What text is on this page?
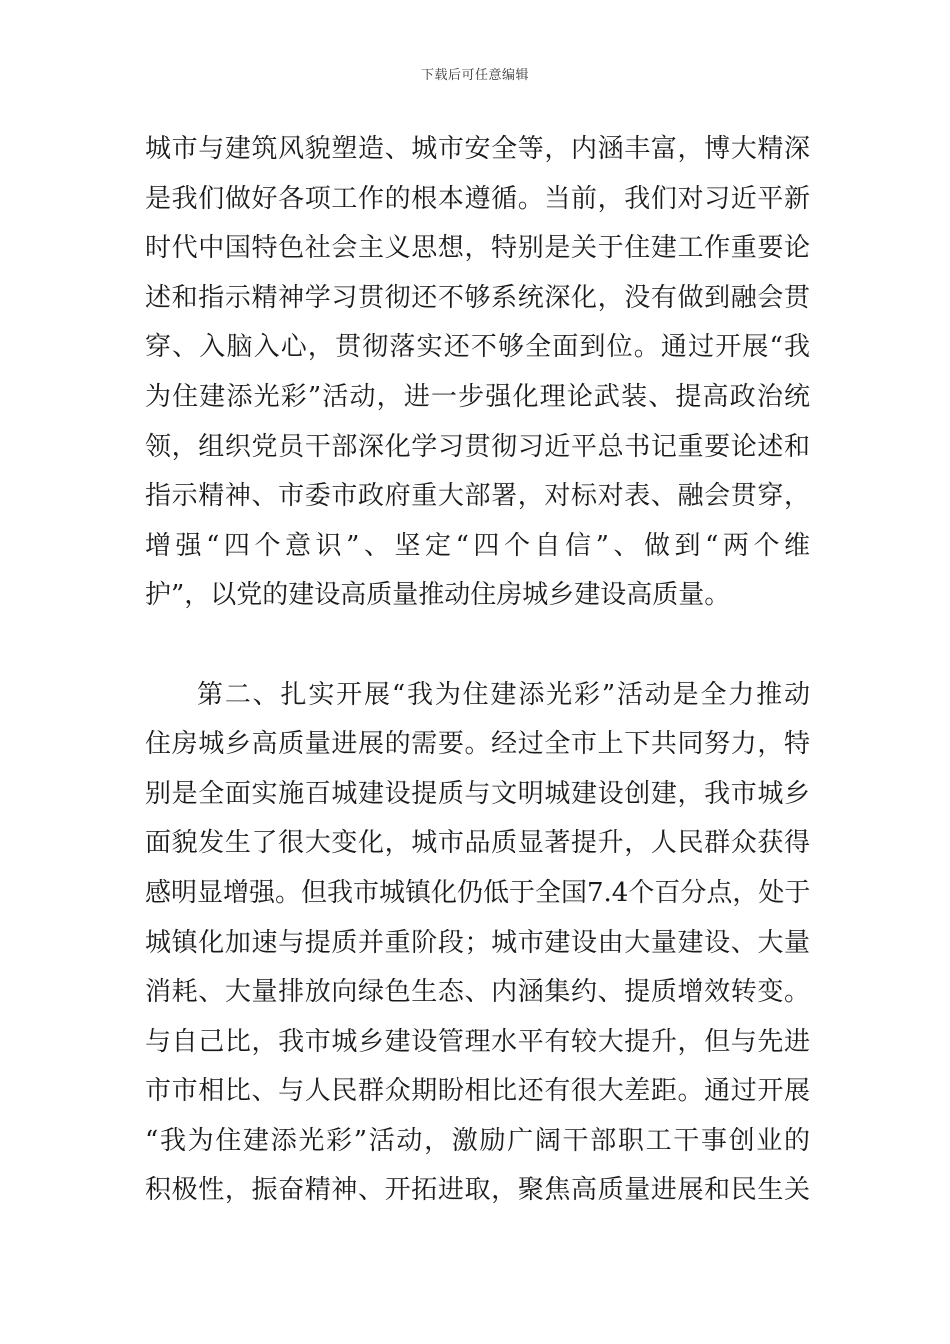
下载后可任意编辑
城市与建筑风貌塑造、城市安全等，内涵丰富，博大精深
是我们做好各项工作的根本遵循。当前，我们对习近平新
时代中国特色社会主义思想，特别是关于住建工作重要论
述和指示精神学习贯彻还不够系统深化，没有做到融会贯
穿、入脑入心，贯彻落实还不够全面到位。通过开展“我
为住建添光彩”活动，进一步强化理论武装、提高政治统
领，组织党员干部深化学习贯彻习近平总书记重要论述和
指示精神、市委市政府重大部署，对标对表、融会贯穿，
增强“四个意识”、坚定“四个自信”、做到“两个维
护”，以党的建设高质量推动住房城乡建设高质量。
第二、扎实开展“我为住建添光彩”活动是全力推动
住房城乡高质量进展的需要。经过全市上下共同努力，特
别是全面实施百城建设提质与文明城建设创建，我市城乡
面貌发生了很大变化，城市品质显著提升，人民群众获得
感明显增强。但我市城镇化仍低于全国7.4个百分点，处于
城镇化加速与提质并重阶段；城市建设由大量建设、大量
消耗、大量排放向绿色生态、内涵集约、提质增效转变。
与自己比，我市城乡建设管理水平有较大提升，但与先进
市市相比、与人民群众期盼相比还有很大差距。通过开展
“我为住建添光彩”活动，激励广阔干部职工干事创业的
积极性，振奋精神、开拓进取，聚焦高质量进展和民生关
